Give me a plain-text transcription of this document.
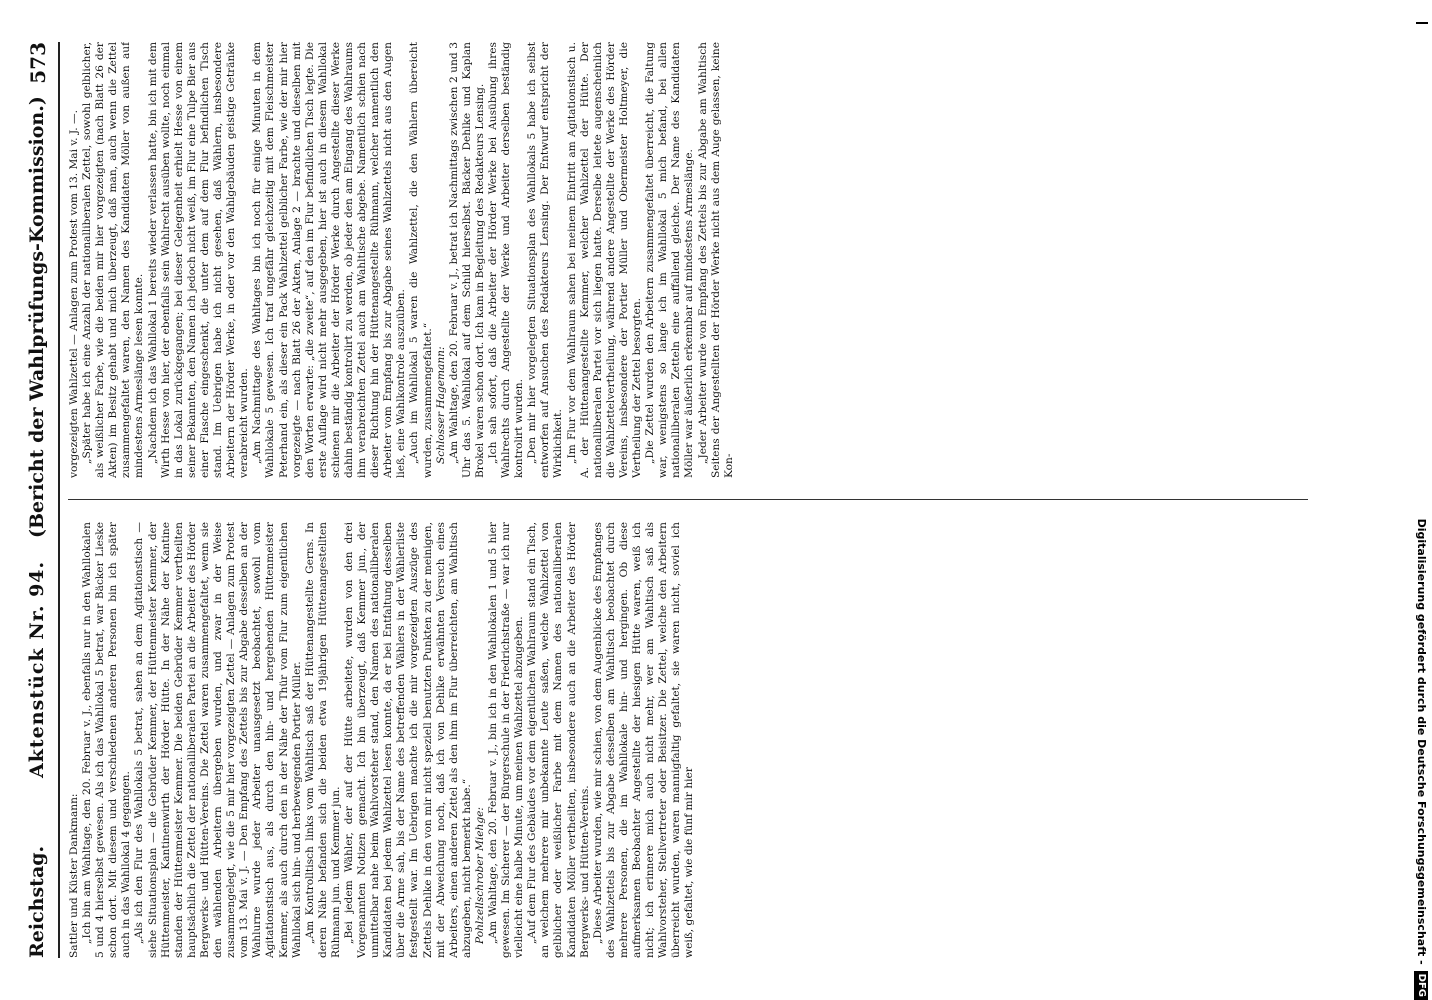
Reichstag.
Aktenstück Nr. 94.
(Bericht der Wahlprüfungs-Kommission.)
573

Sattler und Küster Dankmann: „Ich bin am Wahltage, den 20. Februar v. J., ebenfalls nur in den Wahllokalen 5 und 4 hierselbst gewesen. Als ich das Wahllokal 5 betrat, war Bäcker Lieske schon dort. Mit diesem und verschiedenen anderen Personen bin ich später auch in das Wahllokal 4 gegangen. „Als ich den Flur des Wahllokals 5 betrat, sahen an dem Agitationstisch — siehe Situationsplan — die Gebrüder Kemmer, der Hüttenmeister Kemmer, der Hüttenmeister, Kantinenwirth der Hörder Hütte. In der Nähe der Kantine standen der Hüttenmeister Kemmer. Die beiden Gebrüder Kemmer vertheilten hauptsächlich die Zettel der nationalliberalen Partei an die Arbeiter des Hörder Bergwerks- und Hütten-Vereins. Die Zettel waren zusammengefaltet, wenn sie den wählenden Arbeitern übergeben wurden, und zwar in der Weise zusammengelegt, wie die 5 mir hier vorgezeigten Zettel — Anlagen zum Protest vom 13. Mai v. J. — Den Empfang des Zettels bis zur Abgabe desselben an der Wahlurne wurde jeder Arbeiter unausgesetzt beobachtet, sowohl vom Agitationstisch aus, als durch den hin- und hergehenden Hüttenmeister Kemmer, als auch durch den in der Nähe der Thür vom Flur zum eigentlichen Wahllokal sich hin- und herbewegenden Portier Müller. „Am Kontrolltisch links vom Wahltisch saß der Hüttenangestellte Gerns. In deren Nähe befanden sich die beiden etwa 19jährigen Hüttenangestellten Rühmann jun. und Kemmer jun. „Bei jedem Wähler, der auf der Hütte arbeitete, wurden von den drei Vorgenannten Notizen gemacht. Ich bin überzeugt, daß Kemmer jun., der unmittelbar nahe beim Wahlvorsteher stand, den Namen des nationalliberalen Kandidaten bei jedem Wahlzettel lesen konnte, da er bei Entfaltung desselben über die Arme sah, bis der Name des betreffenden Wählers in der Wählerliste festgestellt war. Im Uebrigen machte ich die mir vorgezeigten Auszüge des Zettels Dehlke in den von mir nicht speziell benutzten Punkten zu der meinigen, mit der Abweichung noch, daß ich von Dehlke erwähnten Versuch eines Arbeiters, einen anderen Zettel als den ihm im Flur überreichten, am Wahltisch abzugeben, nicht bemerkt habe.“ Pohlzellschrober Miehge: „Am Wahltage, den 20. Februar v. J., bin ich in den Wahllokalen 1 und 5 hier gewesen. Im Sicherer — der Bürgerschule in der Friedrichstraße — war ich nur vielleicht eine halbe Minute, um meinen Wahlzettel abzugeben. „Auf dem Flur des Gebäudes vor dem eigentlichen Wahlraum stand ein Tisch, an welchem mehrere mir unbekannte Leute saßen, welche Wahlzettel von gelblicher oder weißlicher Farbe mit dem Namen des nationalliberalen Kandidaten Möller vertheilten, insbesondere auch an die Arbeiter des Hörder Bergwerks- und Hütten-Vereins. „Diese Arbeiter wurden, wie mir schien, von dem Augenblicke des Empfanges des Wahlzettels bis zur Abgabe desselben am Wahltisch beobachtet durch mehrere Personen, die im Wahllokale hin- und hergingen. Ob diese aufmerksamen Beobachter Angestellte der hiesigen Hütte waren, weiß ich nicht; ich erinnere mich auch nicht mehr, wer am Wahltisch saß als Wahlvorsteher, Stellvertreter oder Beisitzer. Die Zettel, welche den Arbeitern überreicht wurden, waren mannigfaltig gefaltet, sie waren nicht, soviel ich weiß, gefaltet, wie die fünf mir hier

vorgezeigten Wahlzettel — Anlagen zum Protest vom 13. Mai v. J. —. „Später habe ich eine Anzahl der nationalliberalen Zettel, sowohl gelblicher, als weißlicher Farbe, wie die beiden mir hier vorgezeigten (nach Blatt 26 der Akten) im Besitz gehabt und mich überzeugt, daß man, auch wenn die Zettel zusammengefaltet waren, den Namen des Kandidaten Möller von außen auf mindestens Armeslänge lesen konnte. „Nachdem ich das Wahllokal 1 bereits wieder verlassen hatte, bin ich mit dem Wirth Hesse von hier, der ebenfalls sein Wahlrecht ausüben wollte, noch einmal in das Lokal zurückgegangen; bei dieser Gelegenheit erhielt Hesse von einem seiner Bekannten, den Namen ich jedoch nicht weiß, im Flur eine Tulpe Bier aus einer Flasche eingeschenkt, die unter dem auf dem Flur befindlichen Tisch stand. Im Uebrigen habe ich nicht gesehen, daß Wählern, insbesondere Arbeitern der Hörder Werke, in oder vor den Wahlgebäuden geistige Getränke verabreicht wurden. „Am Nachmittage des Wahltages bin ich noch für einige Minuten in dem Wahllokale 5 gewesen. Ich traf ungefähr gleichzeitig mit dem Fleischmeister Peterhand ein, als dieser ein Pack Wahlzettel gelblicher Farbe, wie der mir hier vorgezeigte — nach Blatt 26 der Akten, Anlage 2 — brachte und dieselben mit den Worten erwarte: „die zweite“, auf den im Flur befindlichen Tisch legte. Die erste Auflage wird nicht mehr ausgegeben, hier ist auch in diesem Wahllokal schienen mir die Arbeiter der Hörder Werke durch Angestellte dieser Werke dahin beständig kontrolirt zu werden, ob jeder den am Eingang des Wahlraums ihm verabreichten Zettel auch am Wahltische abgebe. Namentlich schien nach dieser Richtung hin der Hüttenangestellte Rühmann, welcher namentlich den Arbeiter vom Empfang bis zur Abgabe seines Wahlzettels nicht aus den Augen ließ, eine Wahlkontrole auszuüben. „Auch im Wahllokal 5 waren die Wahlzettel, die den Wählern übereicht wurden, zusammengefaltet.“ Schlosser Hagemann: „Am Wahltage, den 20. Februar v. J., betrat ich Nachmittags zwischen 2 und 3 Uhr das 5. Wahllokal auf dem Schild hierselbst. Bäcker Dehlke und Kaplan Brokel waren schon dort. Ich kam in Begleitung des Redakteurs Lensing. „Ich sah sofort, daß die Arbeiter der Hörder Werke bei Ausübung ihres Wahlrechts durch Angestellte der Werke und Arbeiter derselben beständig kontrolirt wurden. „Den mir hier vorgelegten Situationsplan des Wahllokals 5 habe ich selbst entworfen auf Ansuchen des Redakteurs Lensing. Der Entwurf entspricht der Wirklichkeit. „Im Flur vor dem Wahlraum sahen bei meinem Eintritt am Agitationstisch u. A. der Hüttenangestellte Kemmer, welcher Wahlzettel der Hütte. Der nationalliberalen Partei vor sich liegen hatte. Derselbe leitete augenscheinlich die Wahlzettelvertheilung, während andere Angestellte der Werke des Hörder Vereins, insbesondere der Portier Müller und Obermeister Holtmeyer, die Vertheilung der Zettel besorgten. „Die Zettel wurden den Arbeitern zusammengefaltet überreicht, die Faltung war, wenigstens so lange ich im Wahllokal 5 mich befand, bei allen nationalliberalen Zetteln eine auffallend gleiche. Der Name des Kandidaten Möller war äußerlich erkennbar auf mindestens Armeslänge. „Jeder Arbeiter wurde von Empfang des Zettels bis zur Abgabe am Wahltisch Seitens der Angestellten der Hörder Werke nicht aus dem Auge gelassen, keine Kon-

Digitalisierung gefördert durch die Deutsche Forschungsgemeinschaft -DFG
